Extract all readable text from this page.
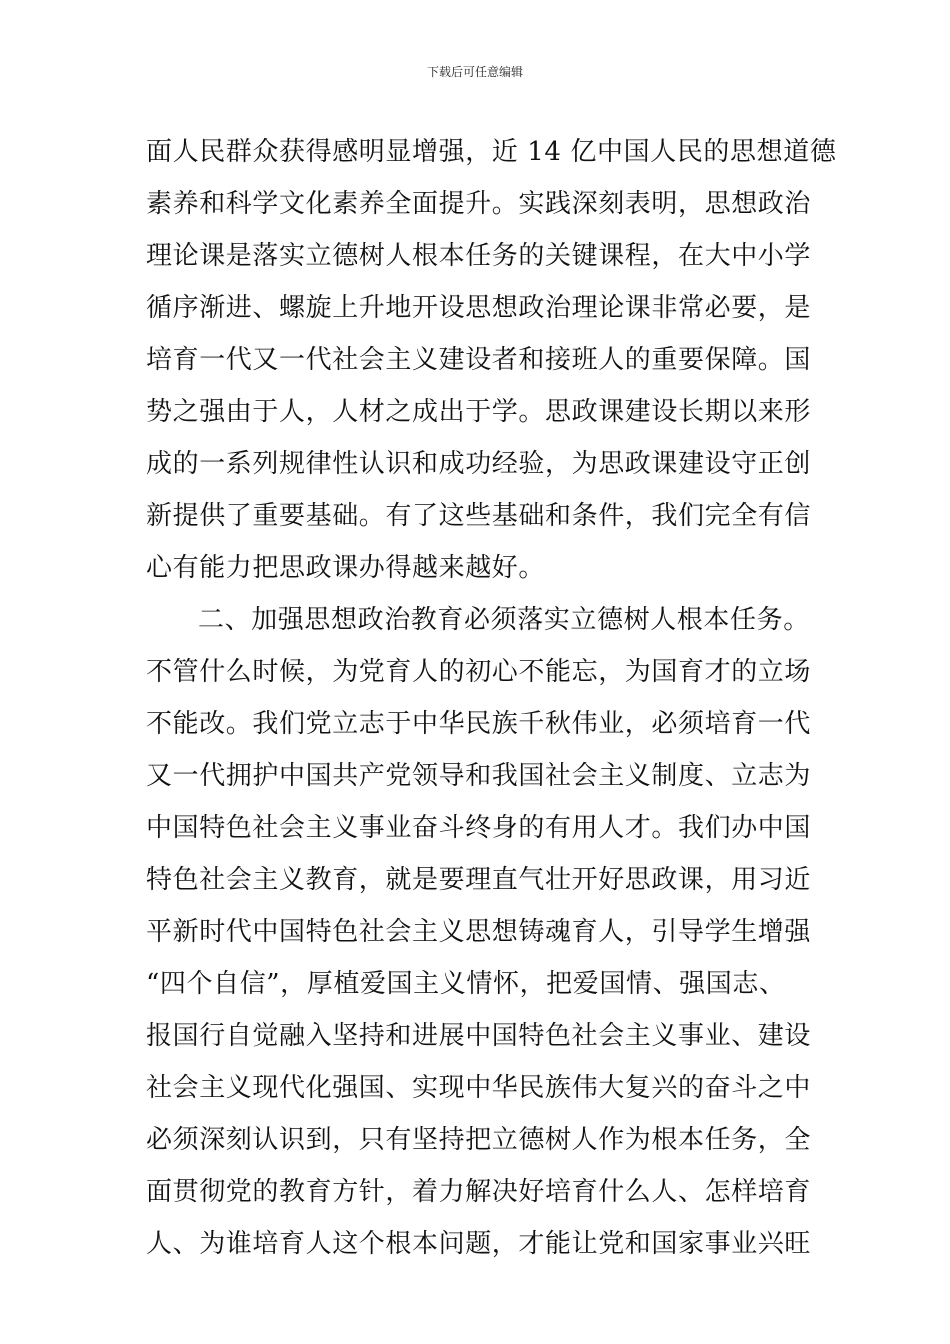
下载后可任意编辑
面人民群众获得感明显增强，近 14 亿中国人民的思想道德
素养和科学文化素养全面提升。实践深刻表明，思想政治
理论课是落实立德树人根本任务的关键课程，在大中小学
循序渐进、螺旋上升地开设思想政治理论课非常必要，是
培育一代又一代社会主义建设者和接班人的重要保障。国
势之强由于人，人材之成出于学。思政课建设长期以来形
成的一系列规律性认识和成功经验，为思政课建设守正创
新提供了重要基础。有了这些基础和条件，我们完全有信
心有能力把思政课办得越来越好。
二、加强思想政治教育必须落实立德树人根本任务。
不管什么时候，为党育人的初心不能忘，为国育才的立场
不能改。我们党立志于中华民族千秋伟业，必须培育一代
又一代拥护中国共产党领导和我国社会主义制度、立志为
中国特色社会主义事业奋斗终身的有用人才。我们办中国
特色社会主义教育，就是要理直气壮开好思政课，用习近
平新时代中国特色社会主义思想铸魂育人，引导学生增强
“四个自信”，厚植爱国主义情怀，把爱国情、强国志、
报国行自觉融入坚持和进展中国特色社会主义事业、建设
社会主义现代化强国、实现中华民族伟大复兴的奋斗之中
必须深刻认识到，只有坚持把立德树人作为根本任务，全
面贯彻党的教育方针，着力解决好培育什么人、怎样培育
人、为谁培育人这个根本问题，才能让党和国家事业兴旺
